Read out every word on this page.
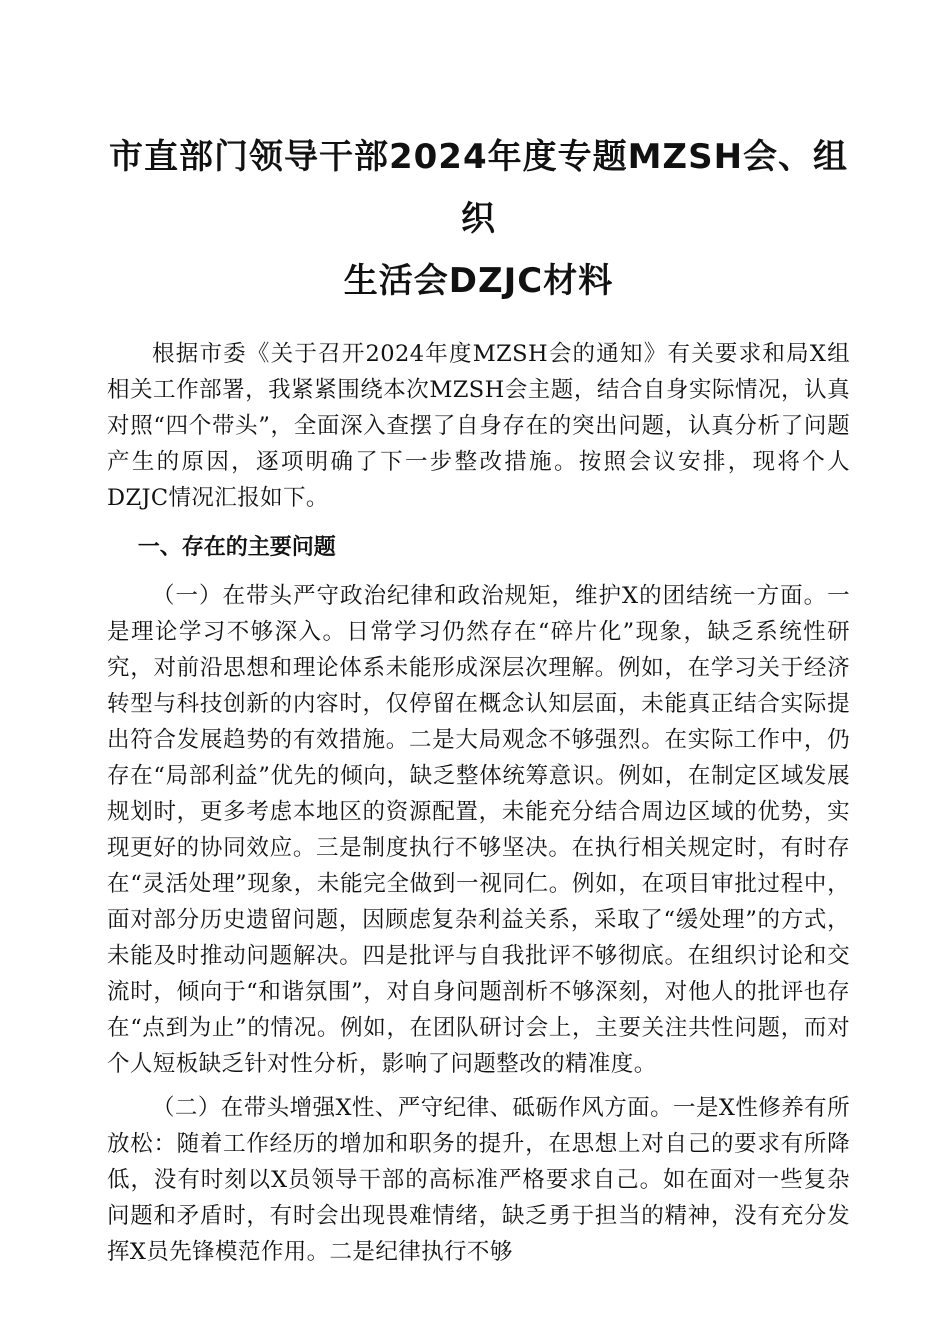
市直部门领导干部2024年度专题MZSH会、组织
生活会DZJC材料

根据市委《关于召开2024年度MZSH会的通知》有关要求和局X组相关工作部署，我紧紧围绕本次MZSH会主题，结合自身实际情况，认真对照“四个带头”，全面深入查摆了自身存在的突出问题，认真分析了问题产生的原因，逐项明确了下一步整改措施。按照会议安排，现将个人DZJC情况汇报如下。

一、存在的主要问题

（一）在带头严守政治纪律和政治规矩，维护X的团结统一方面。一是理论学习不够深入。日常学习仍然存在“碎片化”现象，缺乏系统性研究，对前沿思想和理论体系未能形成深层次理解。例如，在学习关于经济转型与科技创新的内容时，仅停留在概念认知层面，未能真正结合实际提出符合发展趋势的有效措施。二是大局观念不够强烈。在实际工作中，仍存在“局部利益”优先的倾向，缺乏整体统筹意识。例如，在制定区域发展规划时，更多考虑本地区的资源配置，未能充分结合周边区域的优势，实现更好的协同效应。三是制度执行不够坚决。在执行相关规定时，有时存在“灵活处理”现象，未能完全做到一视同仁。例如，在项目审批过程中，面对部分历史遗留问题，因顾虑复杂利益关系，采取了“缓处理”的方式，未能及时推动问题解决。四是批评与自我批评不够彻底。在组织讨论和交流时，倾向于“和谐氛围”，对自身问题剖析不够深刻，对他人的批评也存在“点到为止”的情况。例如，在团队研讨会上，主要关注共性问题，而对个人短板缺乏针对性分析，影响了问题整改的精准度。

（二）在带头增强X性、严守纪律、砥砺作风方面。一是X性修养有所放松：随着工作经历的增加和职务的提升，在思想上对自己的要求有所降低，没有时刻以X员领导干部的高标准严格要求自己。如在面对一些复杂问题和矛盾时，有时会出现畏难情绪，缺乏勇于担当的精神，没有充分发挥X员先锋模范作用。二是纪律执行不够
